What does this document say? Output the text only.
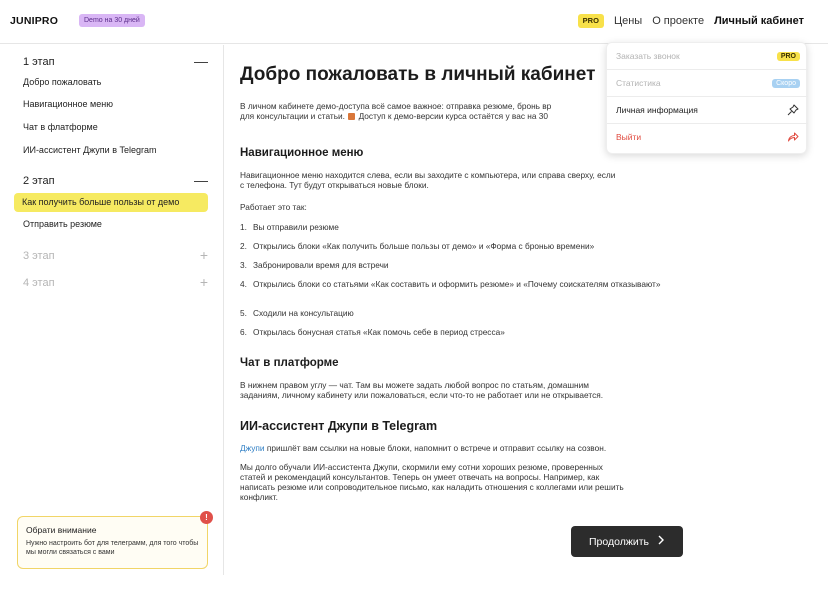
JUNIPRO	Demo на 30 дней	PRO	Цены О проекте Личный кабинет
1 этап	—
Добро пожаловать
Навигационное меню
Чат в флатформе
ИИ-ассистент Джупи в Telegram
2 этап	—
Как получить больше пользы от демо
Отправить резюме
3 этап	+
4 этап	+
Обрати внимание
Нужно настроить бот для телеграмм, для того чтобы мы могли связаться с вами
!
Добро пожаловать в личный кабинет
В личном кабинете демо-доступа всё самое важное: отправка резюме, бронь вр
для консультации и статьи. Доступ к демо-версии курса остаётся у вас на 30
Навигационное меню
Навигационное меню находится слева, если вы заходите с компьютера, или справа сверху, если
с телефона. Тут будут открываться новые блоки.
Работает это так:
1. Вы отправили резюме
2. Открылись блоки «Как получить больше пользы от демо» и «Форма с бронью времени»
3. Забронировали время для встречи
4. Открылись блоки со статьями «Как составить и оформить резюме» и «Почему соискателям отказывают»
5. Сходили на консультацию
6. Открылась бонусная статья «Как помочь себе в период стресса»
Чат в платформе
В нижнем правом углу — чат. Там вы можете задать любой вопрос по статьям, домашним
заданиям, личному кабинету или пожаловаться, если что-то не работает или не открывается.
ИИ-ассистент Джупи в Telegram
Джупи пришлёт вам ссылки на новые блоки, напомнит о встрече и отправит ссылку на созвон.
Мы долго обучали ИИ-ассистента Джупи, скормили ему сотни хороших резюме, проверенных
статей и рекомендаций консультантов. Теперь он умеет отвечать на вопросы. Например, как
написать резюме или сопроводительное письмо, как наладить отношения с коллегами или решить
конфликт.
Продолжить
Заказать звонок	PRO
Статистика	Скоро
Личная информация
Выйти
